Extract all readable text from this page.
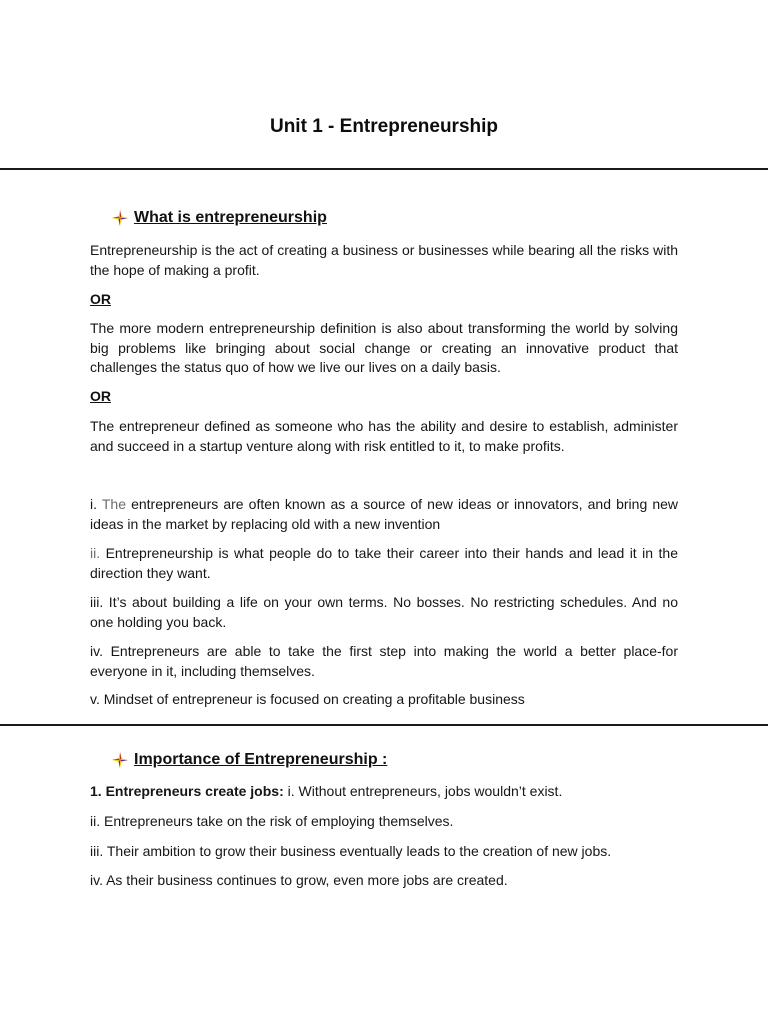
Unit 1 - Entrepreneurship
What is entrepreneurship
Entrepreneurship is the act of creating a business or businesses while bearing all the risks with the hope of making a profit.
OR
The more modern entrepreneurship definition is also about transforming the world by solving big problems like bringing about social change or creating an innovative product that challenges the status quo of how we live our lives on a daily basis.
OR
The entrepreneur defined as someone who has the ability and desire to establish, administer and succeed in a startup venture along with risk entitled to it, to make profits.
i. The entrepreneurs are often known as a source of new ideas or innovators, and bring new ideas in the market by replacing old with a new invention
ii. Entrepreneurship is what people do to take their career into their hands and lead it in the direction they want.
iii. It’s about building a life on your own terms. No bosses. No restricting schedules. And no one holding you back.
iv. Entrepreneurs are able to take the first step into making the world a better place-for everyone in it, including themselves.
v. Mindset of entrepreneur is focused on creating a profitable business
Importance of Entrepreneurship :
1. Entrepreneurs create jobs: i. Without entrepreneurs, jobs wouldn’t exist.
ii. Entrepreneurs take on the risk of employing themselves.
iii. Their ambition to grow their business eventually leads to the creation of new jobs.
iv. As their business continues to grow, even more jobs are created.
